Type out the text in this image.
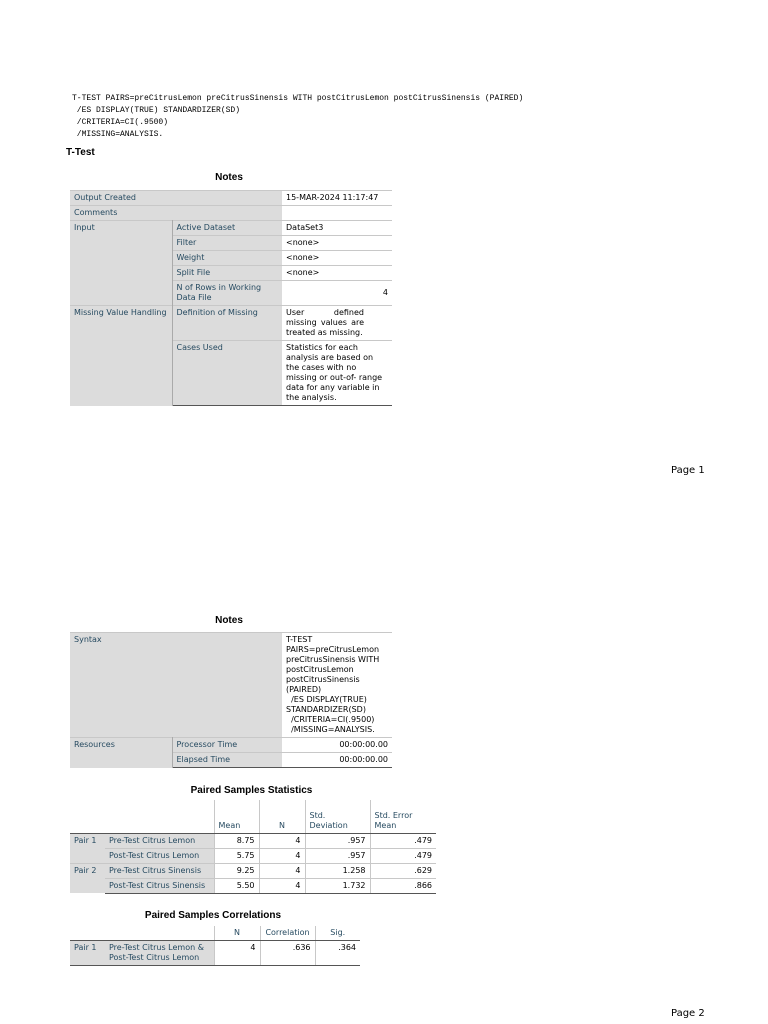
T-TEST PAIRS=preCitrusLemon preCitrusSinensis WITH postCitrusLemon postCitrusSinensis (PAIRED)
/ES DISPLAY(TRUE) STANDARDIZER(SD)
/CRITERIA=CI(.9500)
/MISSING=ANALYSIS.

T-Test

Notes

Output Created		15-MAR-2024 11:17:47
Comments		
Input	Active Dataset	DataSet3
	Filter	<none>
	Weight	<none>
	Split File	<none>
	N of Rows in Working Data File	4
Missing Value Handling	Definition of Missing	User defined missing values are treated as missing.
	Cases Used	Statistics for each analysis are based on the cases with no missing or out-of- range data for any variable in the analysis.

Page 1

Notes

Syntax		T-TEST PAIRS=preCitrusLemon preCitrusSinensis WITH postCitrusLemon postCitrusSinensis (PAIRED)
/ES DISPLAY(TRUE) STANDARDIZER(SD)
/CRITERIA=CI(.9500)
/MISSING=ANALYSIS.
Resources	Processor Time	00:00:00.00
	Elapsed Time	00:00:00.00

Paired Samples Statistics

		Mean	N	Std. Deviation	Std. Error Mean
Pair 1	Pre-Test Citrus Lemon	8.75	4	.957	.479
	Post-Test Citrus Lemon	5.75	4	.957	.479
Pair 2	Pre-Test Citrus Sinensis	9.25	4	1.258	.629
	Post-Test Citrus Sinensis	5.50	4	1.732	.866

Paired Samples Correlations

		N	Correlation	Sig.
Pair 1	Pre-Test Citrus Lemon & Post-Test Citrus Lemon	4	.636	.364

Page 2
